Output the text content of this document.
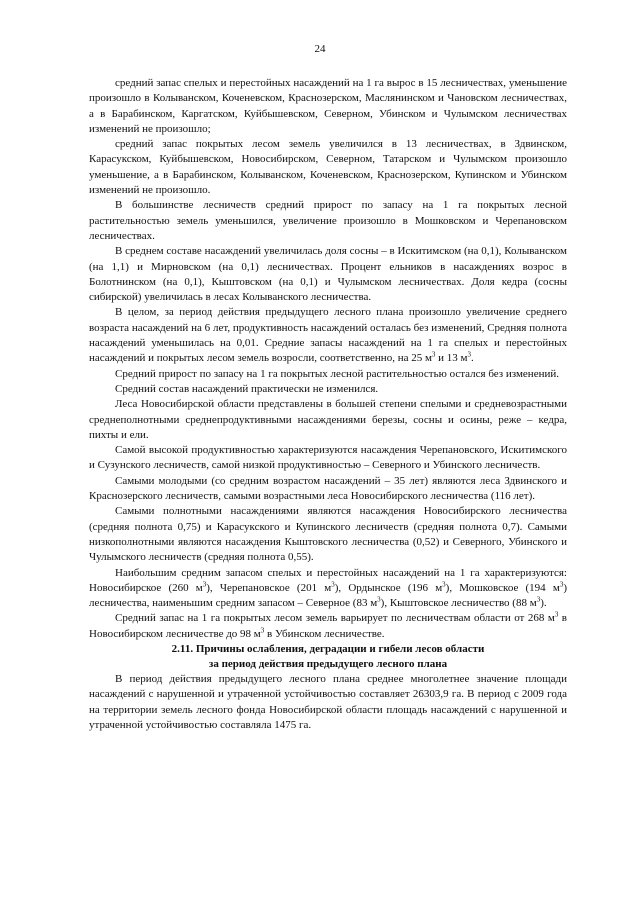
24

средний запас спелых и перестойных насаждений на 1 га вырос в 15 лесничествах, уменьшение произошло в Колыванском, Коченевском, Краснозерском, Маслянинском и Чановском лесничествах, а в Барабинском, Каргатском, Куйбышевском, Северном, Убинском и Чулымском лесничествах изменений не произошло;

средний запас покрытых лесом земель увеличился в 13 лесничествах, в Здвинском, Карасукском, Куйбышевском, Новосибирском, Северном, Татарском и Чулымском произошло уменьшение, а в Барабинском, Колыванском, Коченевском, Краснозерском, Купинском и Убинском изменений не произошло.

В большинстве лесничеств средний прирост по запасу на 1 га покрытых лесной растительностью земель уменьшился, увеличение произошло в Мошковском и Черепановском лесничествах.

В среднем составе насаждений увеличилась доля сосны – в Искитимском (на 0,1), Колыванском (на 1,1) и Мирновском (на 0,1) лесничествах. Процент ельников в насаждениях возрос в Болотнинском (на 0,1), Кыштовском (на 0,1) и Чулымском лесничествах. Доля кедра (сосны сибирской) увеличилась в лесах Колыванского лесничества.

В целом, за период действия предыдущего лесного плана произошло увеличение среднего возраста насаждений на 6 лет, продуктивность насаждений осталась без изменений, Средняя полнота насаждений уменьшилась на 0,01. Средние запасы насаждений на 1 га спелых и перестойных насаждений и покрытых лесом земель возросли, соответственно, на 25 $м^3$ и 13 $м^3$.

Средний прирост по запасу на 1 га покрытых лесной растительностью остался без изменений.

Средний состав насаждений практически не изменился.

Леса Новосибирской области представлены в большей степени спелыми и средневозрастными среднеполнотными среднепродуктивными насаждениями березы, сосны и осины, реже – кедра, пихты и ели.

Самой высокой продуктивностью характеризуются насаждения Черепановского, Искитимского и Сузунского лесничеств, самой низкой продуктивностью – Северного и Убинского лесничеств.

Самыми молодыми (со средним возрастом насаждений – 35 лет) являются леса Здвинского и Краснозерского лесничеств, самыми возрастными леса Новосибирского лесничества (116 лет).

Самыми полнотными насаждениями являются насаждения Новосибирского лесничества (средняя полнота 0,75) и Карасукского и Купинского лесничеств (средняя полнота 0,7). Самыми низкополнотными являются насаждения Кыштовского лесничества (0,52) и Северного, Убинского и Чулымского лесничеств (средняя полнота 0,55).

Наибольшим средним запасом спелых и перестойных насаждений на 1 га характеризуются: Новосибирское (260 $м^3$), Черепановское (201 $м^3$), Ордынское (196 $м^3$), Мошковское (194 $м^3$) лесничества, наименьшим средним запасом – Северное (83 $м^3$), Кыштовское лесничество (88 $м^3$).

Средний запас на 1 га покрытых лесом земель варьирует по лесничествам области от 268 $м^3$ в Новосибирском лесничестве до 98 $м^3$ в Убинском лесничестве.

2.11. Причины ослабления, деградации и гибели лесов области
за период действия предыдущего лесного плана

В период действия предыдущего лесного плана среднее многолетнее значение площади насаждений с нарушенной и утраченной устойчивостью составляет 26303,9 га. В период с 2009 года на территории земель лесного фонда Новосибирской области площадь насаждений с нарушенной и утраченной устойчивостью составляла 1475 га.
